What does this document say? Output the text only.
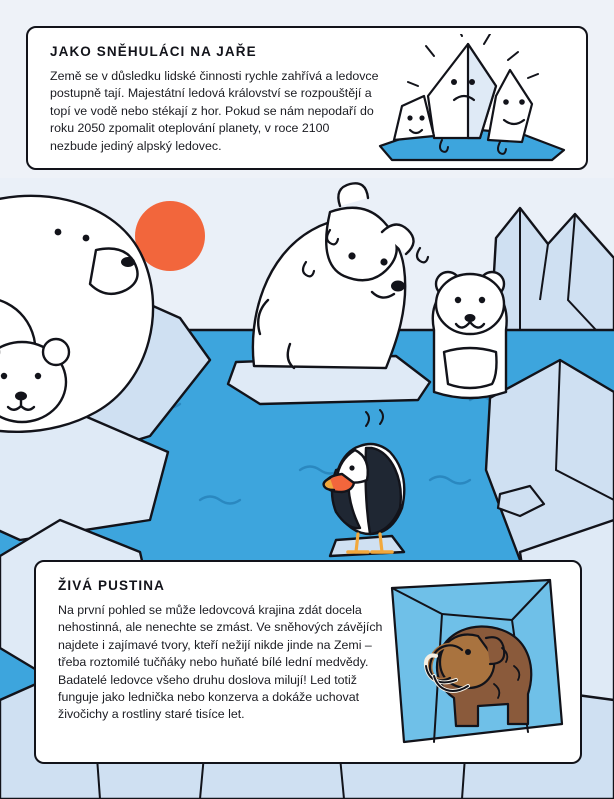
JAKO SNĚHULÁCI NA JAŘE

Země se v důsledku lidské činnosti rychle zahřívá a ledovce postupně tají. Majestátní ledová království se rozpouštějí a topí ve vodě nebo stékají z hor. Pokud se nám nepodaří do roku 2050 zpomalit oteplování planety, v roce 2100 nezbude jediný alpský ledovec.

ŽIVÁ PUSTINA

Na první pohled se může ledovcová krajina zdát docela nehostinná, ale nenechte se zmást. Ve sněhových závějích najdete i zajímavé tvory, kteří nežijí nikde jinde na Zemi – třeba roztomilé tučňáky nebo huňaté bílé lední medvědy. Badatelé ledovce všeho druhu doslova milují! Led totiž funguje jako lednička nebo konzerva a dokáže uchovat živočichy a rostliny staré tisíce let.
